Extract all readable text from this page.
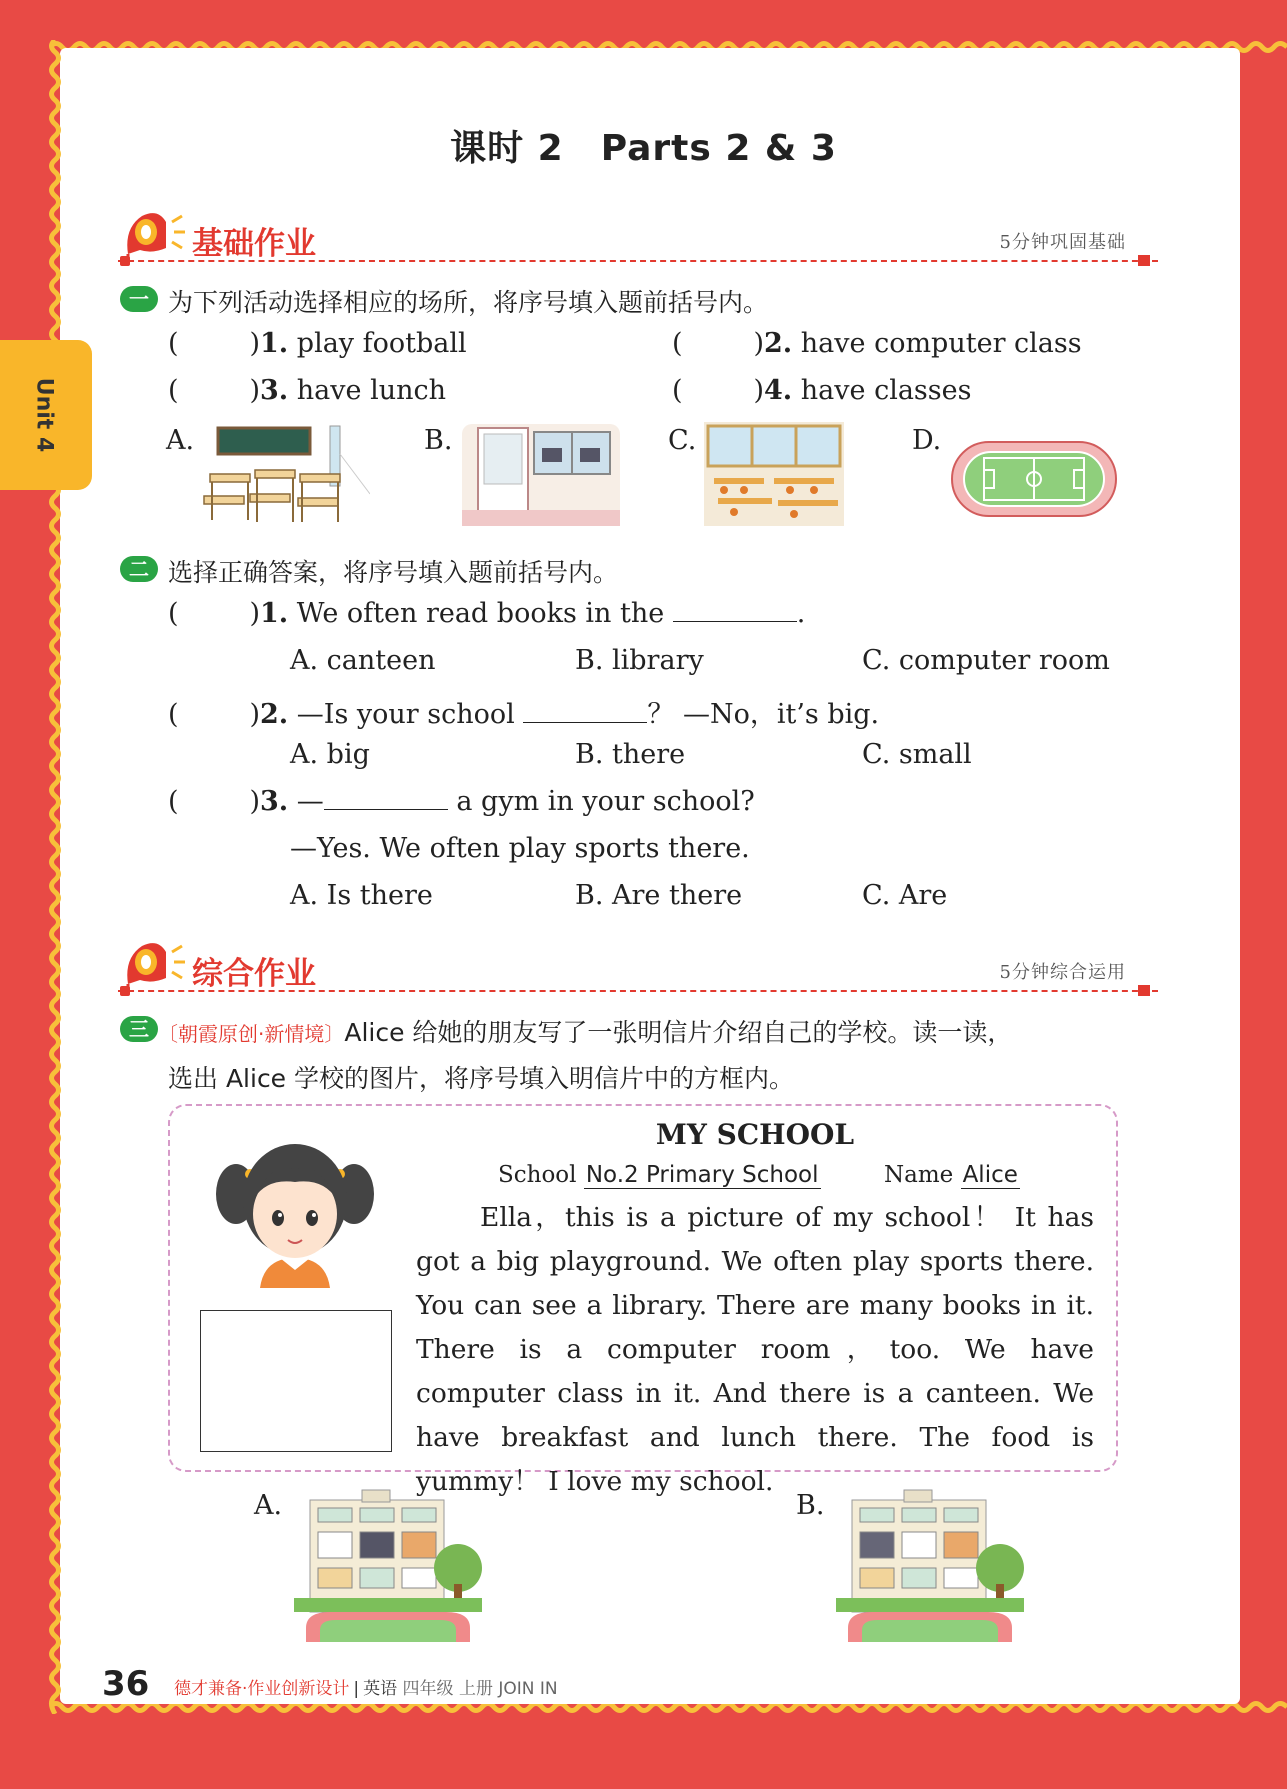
Unit 4
课时 2　Parts 2 & 3
基础作业	5分钟巩固基础
一 为下列活动选择相应的场所，将序号填入题前括号内。
( )1. play football ( )	2. have computer class
( )3. have lunch ( )	4. have classes
A.	B.	C.	D.
二 选择正确答案，将序号填入题前括号内。
( )1. We often read books in the	.
A. canteen	B. library	C. computer room
( )2. —Is your school	？ —No，it’s big.
A. big	B. there	C. small
( )3. —	a gym in your school?
—Yes. We often play sports there.
A. Is there	B. Are there	C. Are
综合作业	5分钟综合运用
三 〔朝霞原创·新情境〕Alice 给她的朋友写了一张明信片介绍自己的学校。读一读，
选出 Alice 学校的图片，将序号填入明信片中的方框内。
MY SCHOOL
School No.2 Primary School	Name Alice

Ella，this is a picture of my school！ It has got a big playground. We often play sports there. You can see a library. There are many books in it. There is a computer room，too. We have computer class in it. And there is a canteen. We have breakfast and lunch there. The food is yummy！ I love my school.

A.	B.
36 德才兼备·作业创新设计 | 英语 四年级 上册 JOIN IN
